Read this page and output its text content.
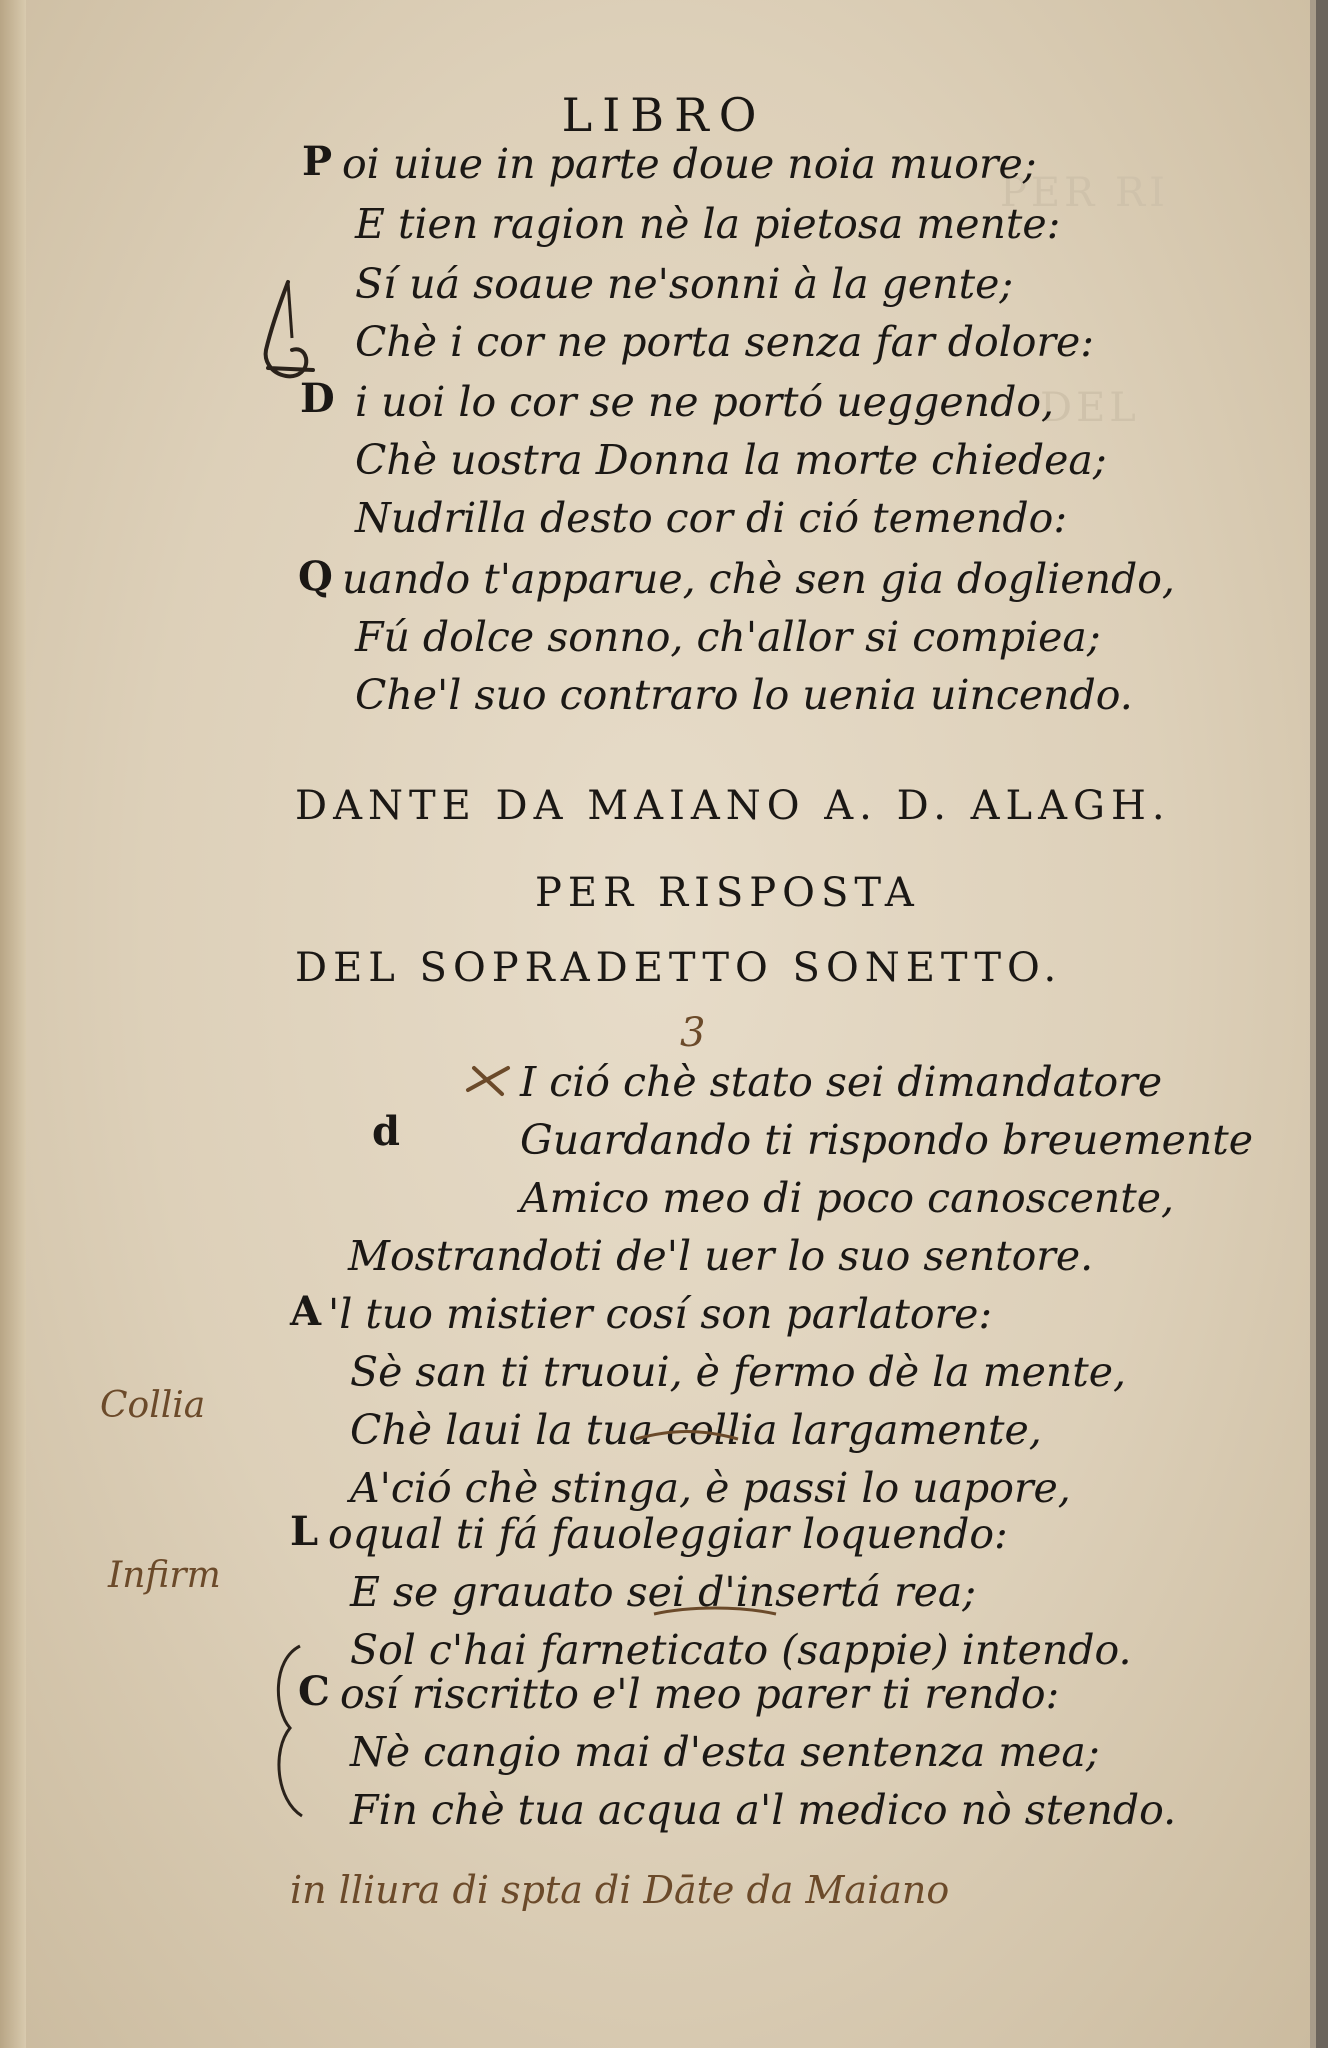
PER RI
DEL
LIBRO
P oi uiue in parte doue noia muore;
E tien ragion nè la pietosa mente:
Sí uá soaue ne'sonni à la gente;
Chè i cor ne porta senza far dolore:
D i uoi lo cor se ne portó ueggendo,
Chè uostra Donna la morte chiedea;
Nudrilla desto cor di ció temendo:
Q uando t'apparue, chè sen gia dogliendo,
Fú dolce sonno, ch'allor si compiea;
Che'l suo contraro lo uenia uincendo.
DANTE DA MAIANO A. D. ALAGH.
PER RISPOSTA
DEL SOPRADETTO SONETTO.
I ció chè stato sei dimandatore
Guardando ti rispondo breuemente
Amico meo di poco canoscente,
Mostrandoti de'l uer lo suo sentore.
A 'l tuo mistier cosí son parlatore:
Sè san ti truoui, è fermo dè la mente,
Chè laui la tua collia largamente,
A'ció chè stinga, è passi lo uapore,
L oqual ti fá fauoleggiar loquendo:
E se grauato sei d'insertá rea;
Sol c'hai farneticato (sappie) intendo.
C osí riscritto e'l meo parer ti rendo:
Nè cangio mai d'esta sentenza mea;
Fin chè tua acqua a'l medico nò stendo.
3
d
Collia
Infirm
in lliura di spta di Dāte da Maiano
